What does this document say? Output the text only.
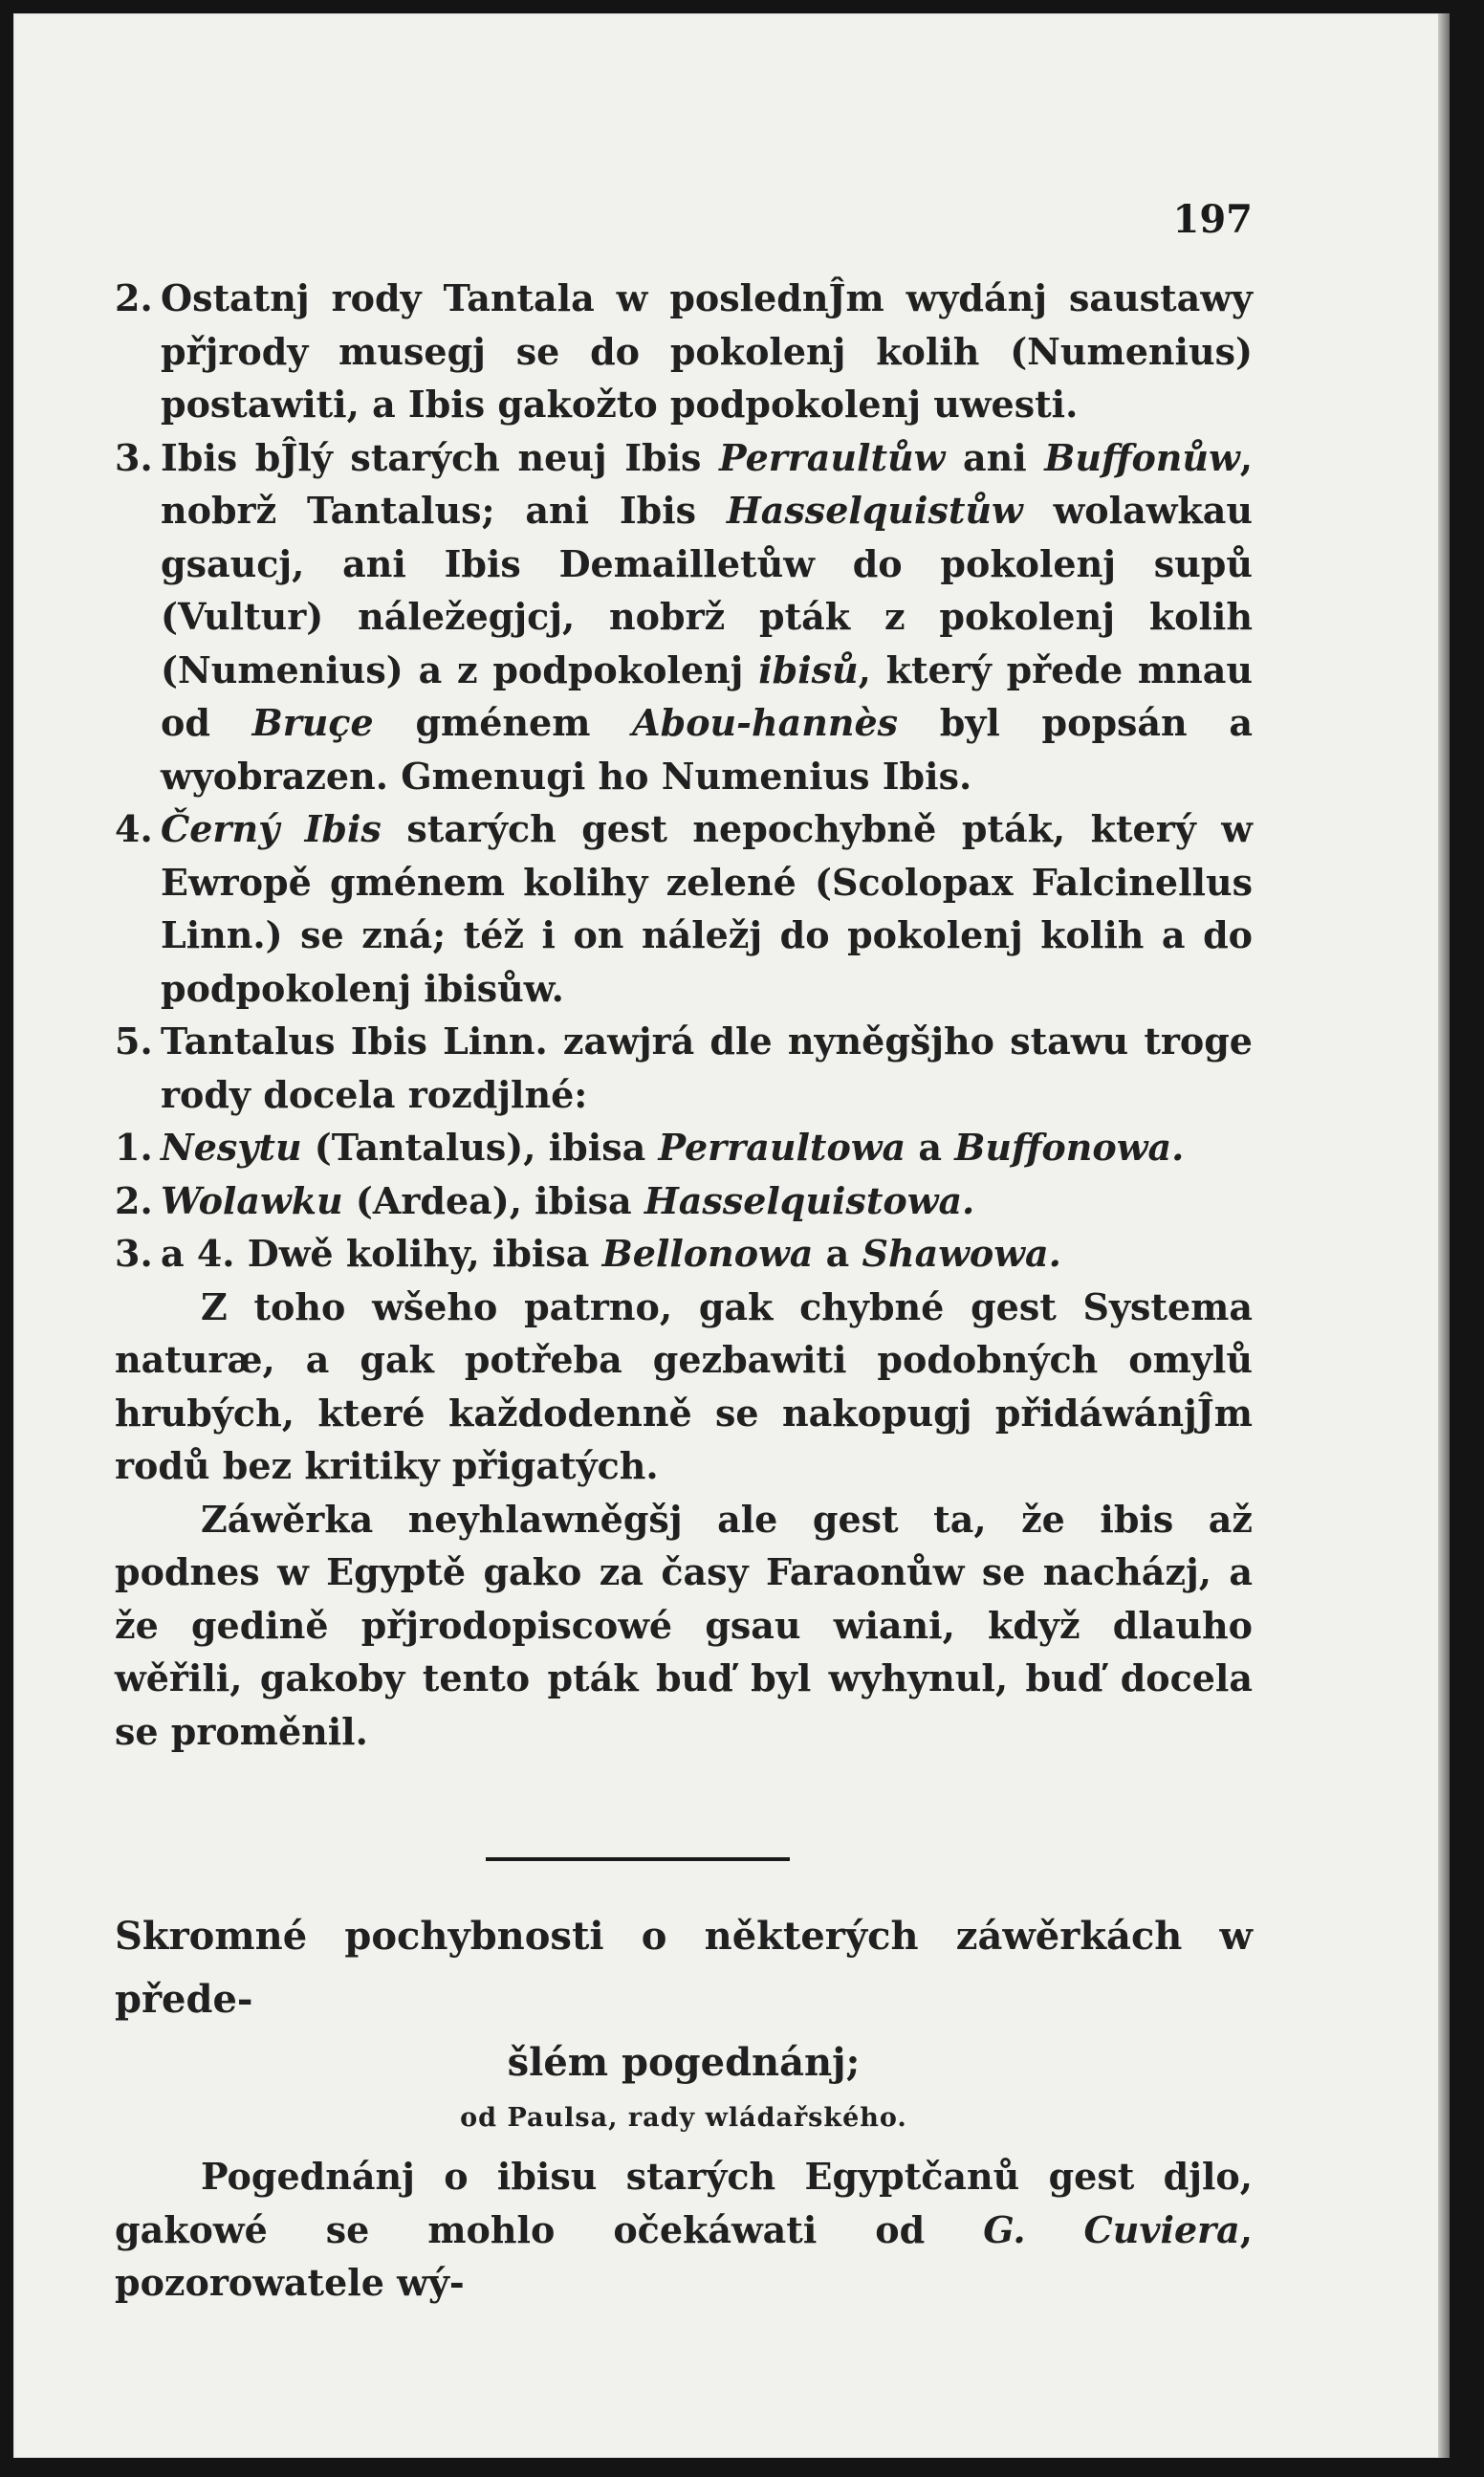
197

2. Ostatnj rody Tantala w poslednĴm wydánj saustawy přjrody musegj se do pokolenj kolih (Numenius) postawiti, a Ibis gakožto podpokolenj uwesti.

3. Ibis bĴlý starých neuj Ibis Perraultůw ani Buffonůw, nobrž Tantalus; ani Ibis Hasselquistůw wolawkau gsaucj, ani Ibis Demailletůw do pokolenj supů (Vultur) náležegjcj, nobrž pták z pokolenj kolih (Numenius) a z podpokolenj ibisů, který přede mnau od Bruçe gménem Abou-hannès byl popsán a wyobrazen. Gmenugi ho Numenius Ibis.

4. Černý Ibis starých gest nepochybně pták, který w Ewropě gménem kolihy zelené (Scolopax Falcinellus Linn.) se zná; též i on náležj do pokolenj kolih a do podpokolenj ibisůw.

5. Tantalus Ibis Linn. zawjrá dle nyněgšjho stawu troge rody docela rozdjlné:

1. Nesytu (Tantalus), ibisa Perraultowa a Buffonowa.

2. Wolawku (Ardea), ibisa Hasselquistowa.

3. a 4. Dwě kolihy, ibisa Bellonowa a Shawowa.

Z toho wšeho patrno, gak chybné gest Systema naturæ, a gak potřeba gezbawiti podobných omylů hrubých, které každodenně se nakopugj přidáwánjĴm rodů bez kritiky přigatých.

Záwěrka neyhlawněgšj ale gest ta, že ibis až podnes w Egyptě gako za časy Faraonůw se nacházj, a že gedině přjrodopiscowé gsau wiani, když dlauho wěřili, gakoby tento pták buď byl wyhynul, buď docela se proměnil.

Skromné pochybnosti o některých záwěrkách w přede-
šlém pogednánj;
od Paulsa, rady wládařského.

Pogednánj o ibisu starých Egyptčanů gest djlo, gakowé se mohlo očekáwati od G. Cuviera, pozorowatele wý-
